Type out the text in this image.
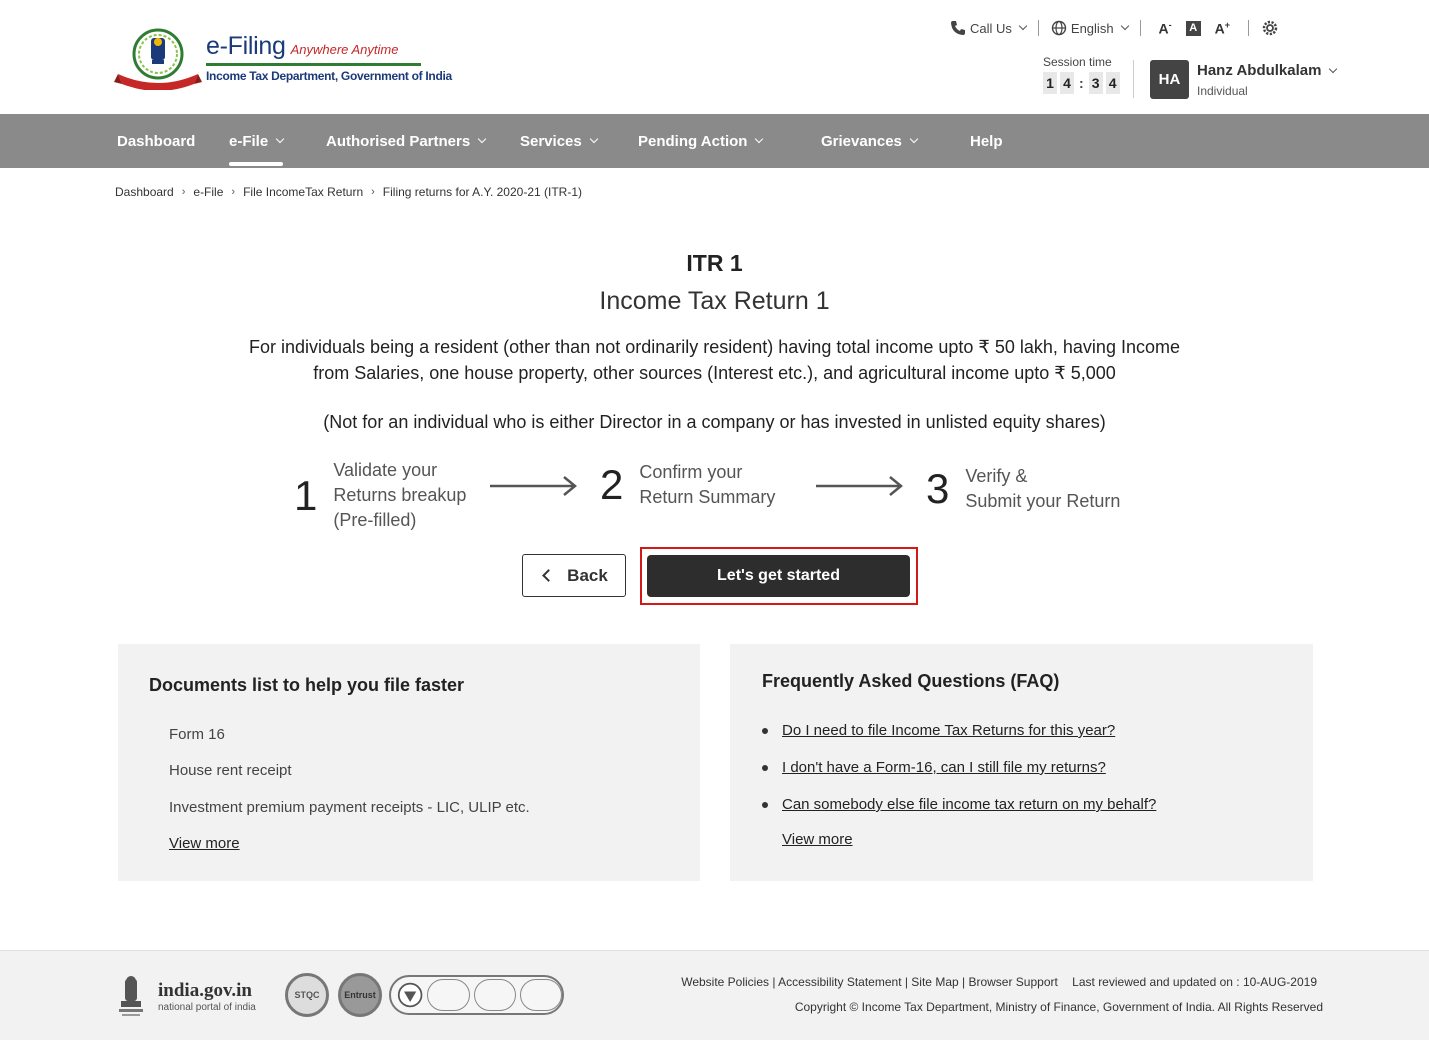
e-Filing Anywhere Anytime
Income Tax Department, Government of India
Call Us	English	A-	A	A+
Session time
1 4 : 3 4	HA
Hanz Abdulkalam
Individual
Dashboard e-File	Authorised Partners	Services	Pending Action	Grievances	Help
Dashboard › e-File › File IncomeTax Return › Filing returns for A.Y. 2020-21 (ITR-1)
ITR 1
Income Tax Return 1
For individuals being a resident (other than not ordinarily resident) having total income upto ₹ 50 lakh, having Income
from Salaries, one house property, other sources (Interest etc.), and agricultural income upto ₹ 5,000
(Not for an individual who is either Director in a company or has invested in unlisted equity shares)
1
Validate your
Returns breakup
(Pre-filled)
2 Confirm your
Return Summary	3 Verify &
Submit your Return
Back	Let's get started
Documents list to help you file faster
Form 16
House rent receipt
Investment premium payment receipts - LIC, ULIP etc.
View more
Frequently Asked Questions (FAQ)
Do I need to file Income Tax Returns for this year?
I don't have a Form-16, can I still file my returns?
Can somebody else file income tax return on my behalf?
View more
india.gov.in
national portal of india
STQC	Entrust
Website Policies | Accessibility Statement | Site Map | Browser Support Last reviewed and updated on : 10-AUG-2019
Copyright © Income Tax Department, Ministry of Finance, Government of India. All Rights Reserved
